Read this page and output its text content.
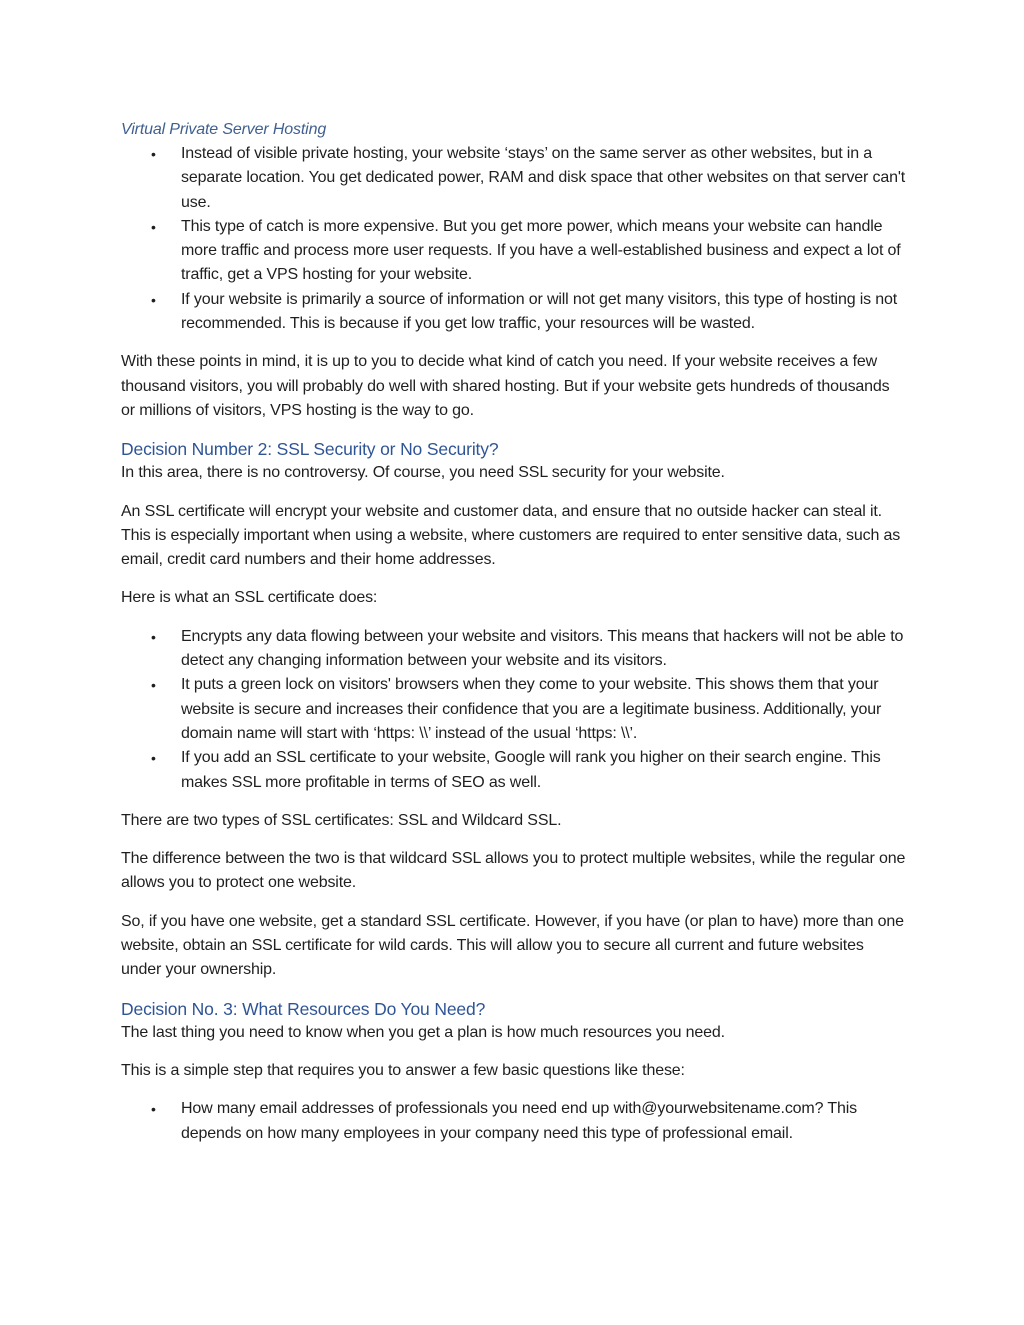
Virtual Private Server Hosting
• Instead of visible private hosting, your website ‘stays’ on the same server as other websites, but in a separate location. You get dedicated power, RAM and disk space that other websites on that server can't use.
• This type of catch is more expensive. But you get more power, which means your website can handle more traffic and process more user requests. If you have a well-established business and expect a lot of traffic, get a VPS hosting for your website.
• If your website is primarily a source of information or will not get many visitors, this type of hosting is not recommended. This is because if you get low traffic, your resources will be wasted.

With these points in mind, it is up to you to decide what kind of catch you need. If your website receives a few thousand visitors, you will probably do well with shared hosting. But if your website gets hundreds of thousands or millions of visitors, VPS hosting is the way to go.

Decision Number 2: SSL Security or No Security?

In this area, there is no controversy. Of course, you need SSL security for your website.

An SSL certificate will encrypt your website and customer data, and ensure that no outside hacker can steal it. This is especially important when using a website, where customers are required to enter sensitive data, such as email, credit card numbers and their home addresses.

Here is what an SSL certificate does:

• Encrypts any data flowing between your website and visitors. This means that hackers will not be able to detect any changing information between your website and its visitors.
• It puts a green lock on visitors' browsers when they come to your website. This shows them that your website is secure and increases their confidence that you are a legitimate business. Additionally, your domain name will start with ‘https: \\’ instead of the usual ‘https: \\’.
• If you add an SSL certificate to your website, Google will rank you higher on their search engine. This makes SSL more profitable in terms of SEO as well.

There are two types of SSL certificates: SSL and Wildcard SSL.

The difference between the two is that wildcard SSL allows you to protect multiple websites, while the regular one allows you to protect one website.

So, if you have one website, get a standard SSL certificate. However, if you have (or plan to have) more than one website, obtain an SSL certificate for wild cards. This will allow you to secure all current and future websites under your ownership.

Decision No. 3: What Resources Do You Need?

The last thing you need to know when you get a plan is how much resources you need.

This is a simple step that requires you to answer a few basic questions like these:

• How many email addresses of professionals you need end up with@yourwebsitename.com? This depends on how many employees in your company need this type of professional email.
